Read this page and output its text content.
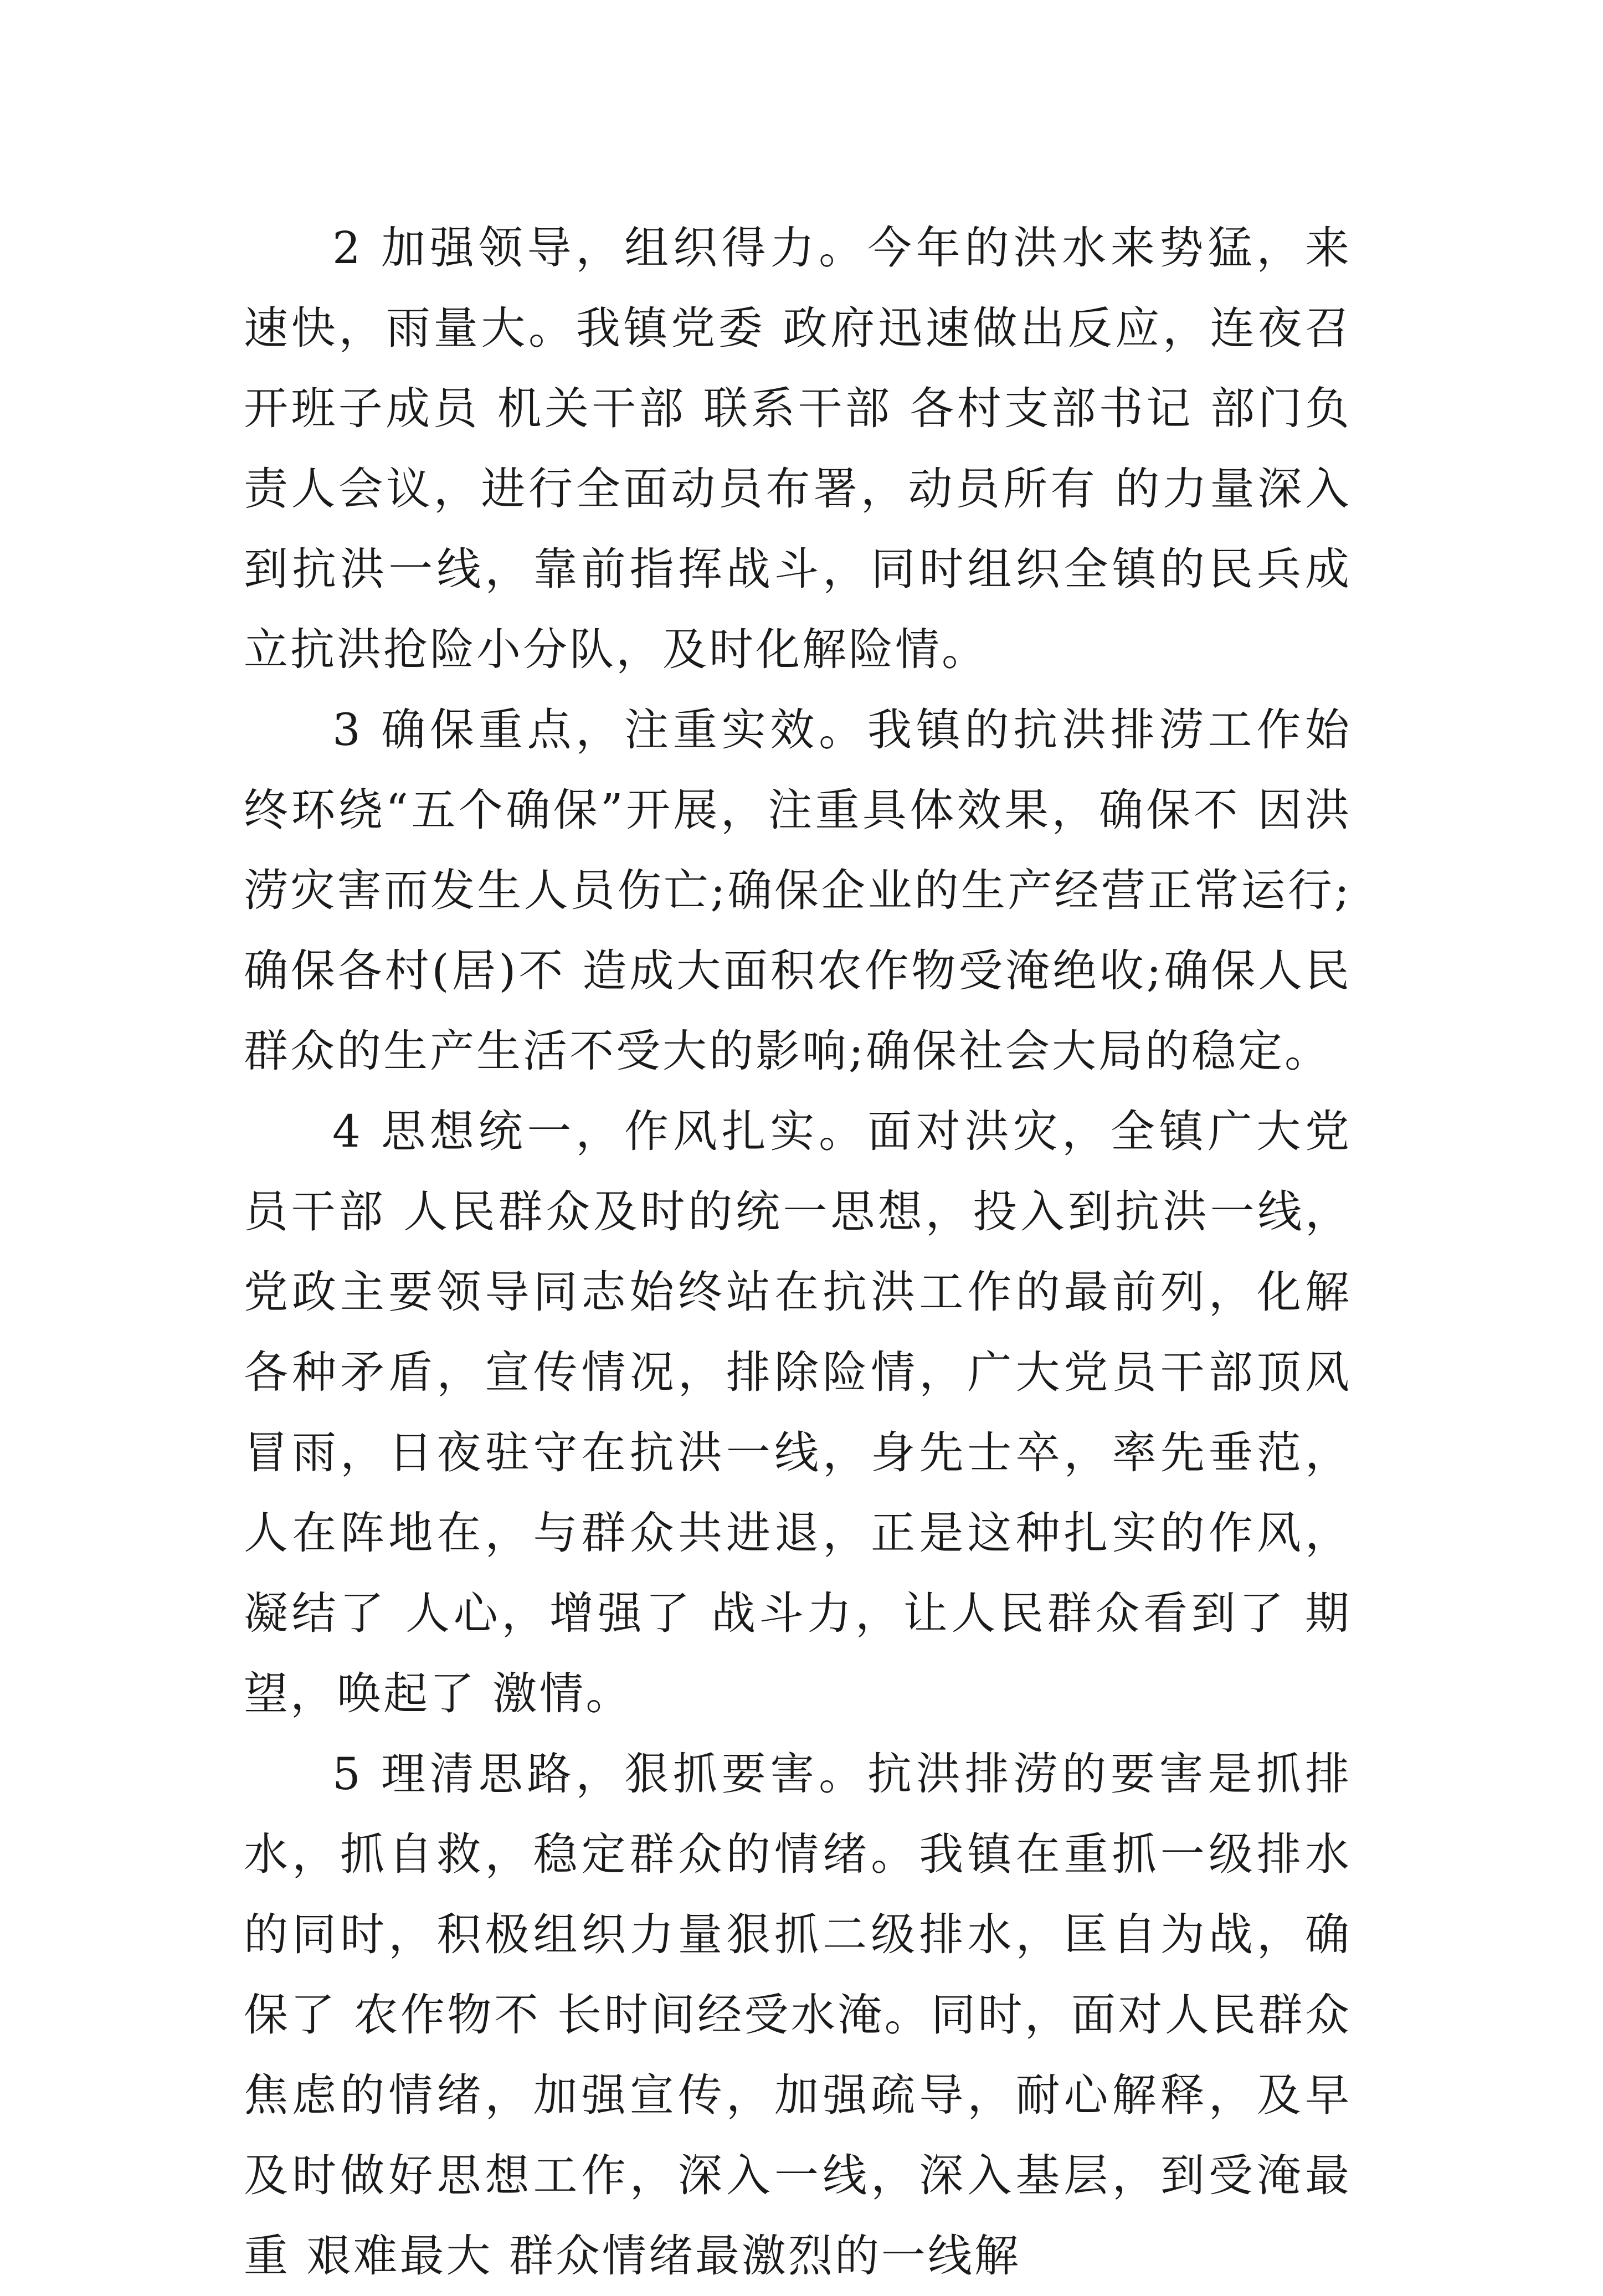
2 加强领导，组织得力。今年的洪水来势猛，来速快，雨量大。我镇党委 政府迅速做出反应，连夜召开班子成员 机关干部 联系干部 各村支部书记 部门负责人会议，进行全面动员布署，动员所有 的力量深入到抗洪一线，靠前指挥战斗，同时组织全镇的民兵成立抗洪抢险小分队，及时化解险情。

3 确保重点，注重实效。我镇的抗洪排涝工作始终环绕“五个确保”开展，注重具体效果，确保不 因洪涝灾害而发生人员伤亡;确保企业的生产经营正常运行;确保各村(居)不 造成大面积农作物受淹绝收;确保人民群众的生产生活不受大的影响;确保社会大局的稳定。

4 思想统一，作风扎实。面对洪灾，全镇广大党员干部 人民群众及时的统一思想，投入到抗洪一线，党政主要领导同志始终站在抗洪工作的最前列，化解各种矛盾，宣传情况，排除险情，广大党员干部顶风冒雨，日夜驻守在抗洪一线，身先士卒，率先垂范，人在阵地在，与群众共进退，正是这种扎实的作风，凝结了 人心，增强了 战斗力，让人民群众看到了 期望，唤起了 激情。

5 理清思路，狠抓要害。抗洪排涝的要害是抓排水，抓自救，稳定群众的情绪。我镇在重抓一级排水的同时，积极组织力量狠抓二级排水，匡自为战，确保了 农作物不 长时间经受水淹。同时，面对人民群众焦虑的情绪，加强宣传，加强疏导，耐心解释，及早及时做好思想工作，深入一线，深入基层，到受淹最重 艰难最大 群众情绪最激烈的一线解
